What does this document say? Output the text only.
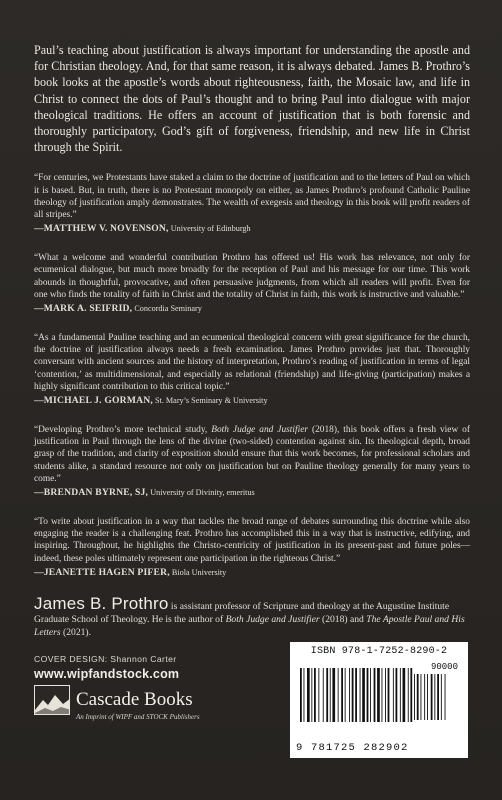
Paul’s teaching about justification is always important for understanding the apostle and for Christian theology. And, for that same reason, it is always debated. James B. Prothro’s book looks at the apostle’s words about righteousness, faith, the Mosaic law, and life in Christ to connect the dots of Paul’s thought and to bring Paul into dialogue with major theological traditions. He offers an account of justification that is both forensic and thoroughly participatory, God’s gift of forgiveness, friendship, and new life in Christ through the Spirit.

“For centuries, we Protestants have staked a claim to the doctrine of justification and to the letters of Paul on which it is based. But, in truth, there is no Protestant monopoly on either, as James Prothro’s profound Catholic Pauline theology of justification amply demonstrates. The wealth of exegesis and theology in this book will profit readers of all stripes.”

—MATTHEW V. NOVENSON, University of Edinburgh

“What a welcome and wonderful contribution Prothro has offered us! His work has relevance, not only for ecumenical dialogue, but much more broadly for the reception of Paul and his message for our time. This work abounds in thoughtful, provocative, and often persuasive judgments, from which all readers will profit. Even for one who finds the totality of faith in Christ and the totality of Christ in faith, this work is instructive and valuable.”

—MARK A. SEIFRID, Concordia Seminary

“As a fundamental Pauline teaching and an ecumenical theological concern with great significance for the church, the doctrine of justification always needs a fresh examination. James Prothro provides just that. Thoroughly conversant with ancient sources and the history of interpretation, Prothro’s reading of justification in terms of legal ‘contention,’ as multidimensional, and especially as relational (friendship) and life-giving (participation) makes a highly significant contribution to this critical topic.”

—MICHAEL J. GORMAN, St. Mary’s Seminary & University

“Developing Prothro’s more technical study, Both Judge and Justifier (2018), this book offers a fresh view of justification in Paul through the lens of the divine (two-sided) contention against sin. Its theological depth, broad grasp of the tradition, and clarity of exposition should ensure that this work becomes, for professional scholars and students alike, a standard resource not only on justification but on Pauline theology generally for many years to come.”

—BRENDAN BYRNE, SJ, University of Divinity, emeritus

“To write about justification in a way that tackles the broad range of debates surrounding this doctrine while also engaging the reader is a challenging feat. Prothro has accomplished this in a way that is instructive, edifying, and inspiring. Throughout, he highlights the Christo-centricity of justification in its present-past and future poles—indeed, these poles ultimately represent one participation in the righteous Christ.”

—JEANETTE HAGEN PIFER, Biola University

James B. Prothro is assistant professor of Scripture and theology at the Augustine Institute Graduate School of Theology. He is the author of Both Judge and Justifier (2018) and The Apostle Paul and His Letters (2021).

COVER DESIGN: Shannon Carter
www.wipfandstock.com
Cascade Books
An Imprint of WIPF and STOCK Publishers
ISBN 978-1-7252-8290-2
90000
9 781725 282902
